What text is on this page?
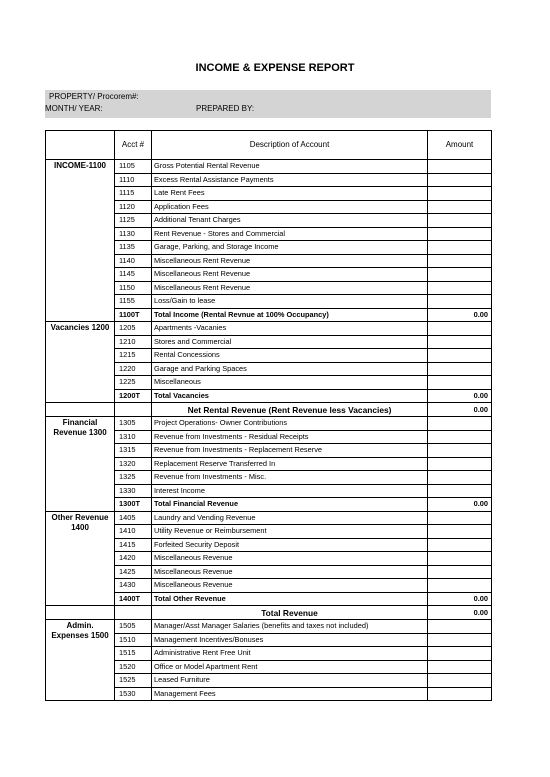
INCOME & EXPENSE REPORT
PROPERTY/ Procorem#:
MONTH/ YEAR:	PREPARED BY:
	Acct #	Description of Account	Amount
INCOME-1100	1105	Gross Potential Rental Revenue	
	1110	Excess Rental Assistance Payments	
	1115	Late Rent Fees	
	1120	Application Fees	
	1125	Additional Tenant Charges	
	1130	Rent Revenue - Stores and Commercial	
	1135	Garage, Parking, and Storage Income	
	1140	Miscellaneous Rent Revenue	
	1145	Miscellaneous Rent Revenue	
	1150	Miscellaneous Rent Revenue	
	1155	Loss/Gain to lease	
	1100T	Total Income (Rental Revnue at 100% Occupancy)	0.00
Vacancies 1200	1205	Apartments -Vacanies	
	1210	Stores and Commercial	
	1215	Rental Concessions	
	1220	Garage and Parking Spaces	
	1225	Miscellaneous	
	1200T	Total Vacancies	0.00
		Net Rental Revenue (Rent Revenue less Vacancies)	0.00
Financial Revenue 1300	1305	Project Operations- Owner Contributions	
	1310	Revenue from Investments - Residual Receipts	
	1315	Revenue from Investments - Replacement Reserve	
	1320	Replacement Reserve Transferred In	
	1325	Revenue from Investments - Misc.	
	1330	Interest Income	
	1300T	Total Financial Revenue	0.00
Other Revenue 1400	1405	Laundry and Vending Revenue	
	1410	Utility Revenue or Reimbursement	
	1415	Forfeited Security Deposit	
	1420	Miscellaneous Revenue	
	1425	Miscellaneous Revenue	
	1430	Miscellaneous Revenue	
	1400T	Total Other Revenue	0.00
		Total Revenue	0.00
Admin. Expenses 1500	1505	Manager/Asst Manager Salaries (benefits and taxes not included)	
	1510	Management Incentives/Bonuses	
	1515	Administrative Rent Free Unit	
	1520	Office or Model Apartment Rent	
	1525	Leased Furniture	
	1530	Management Fees	
